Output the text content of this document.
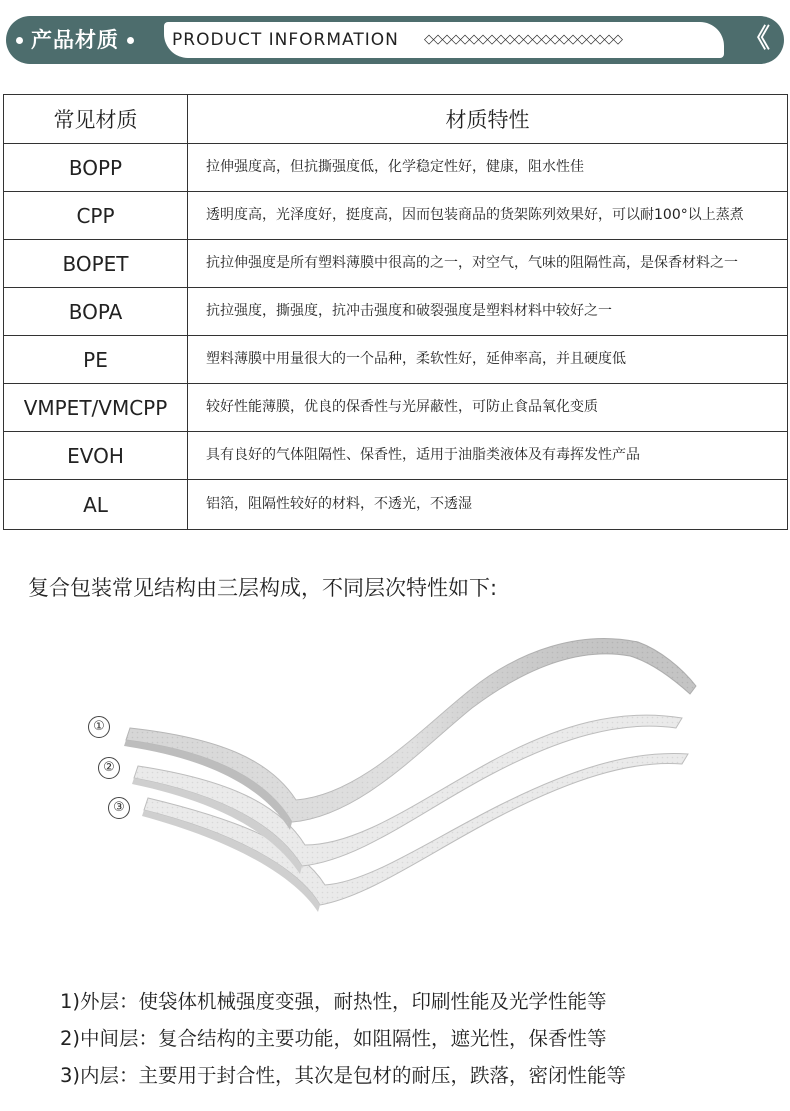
产品材质	PRODUCT INFORMATION ◇◇◇◇◇◇◇◇◇◇◇◇◇◇◇◇◇◇◇◇◇◇	《
常见材质	材质特性
BOPP	拉伸强度高，但抗撕强度低，化学稳定性好，健康，阻水性佳
CPP	透明度高，光泽度好，挺度高，因而包装商品的货架陈列效果好，可以耐100°以上蒸煮
BOPET	抗拉伸强度是所有塑料薄膜中很高的之一，对空气，气味的阻隔性高，是保香材料之一
BOPA	抗拉强度，撕强度，抗冲击强度和破裂强度是塑料材料中较好之一
PE	塑料薄膜中用量很大的一个品种，柔软性好，延伸率高，并且硬度低
VMPET/VMCPP	较好性能薄膜，优良的保香性与光屏蔽性，可防止食品氧化变质
EVOH	具有良好的气体阻隔性、保香性，适用于油脂类液体及有毒挥发性产品
AL	铝箔，阻隔性较好的材料，不透光，不透湿
复合包装常见结构由三层构成，不同层次特性如下:
①
②
③
1)外层：使袋体机械强度变强，耐热性，印刷性能及光学性能等
2)中间层：复合结构的主要功能，如阻隔性，遮光性，保香性等
3)内层：主要用于封合性，其次是包材的耐压，跌落，密闭性能等
